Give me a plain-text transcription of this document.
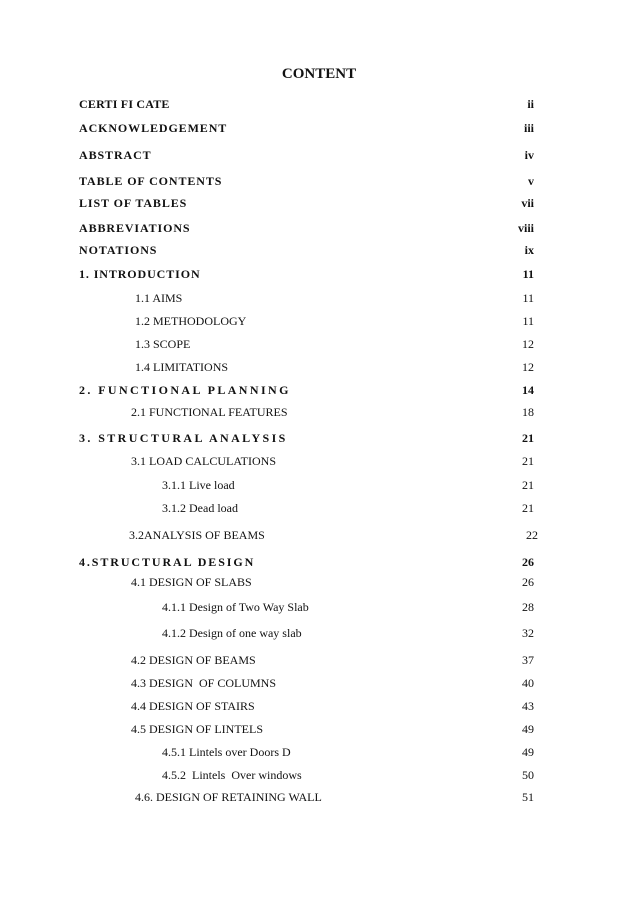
CONTENT
CERTI FI CATE	ii
ACKNOWLEDGEMENT	iii
ABSTRACT	iv
TABLE OF CONTENTS	v
LIST OF TABLES	vii
ABBREVIATIONS	viii
NOTATIONS	ix
1. INTRODUCTION	11
1.1 AIMS	11
1.2 METHODOLOGY	11
1.3 SCOPE	12
1.4 LIMITATIONS	12
2. FUNCTIONAL PLANNING	14
2.1 FUNCTIONAL FEATURES	18
3. STRUCTURAL ANALYSIS	21
3.1 LOAD CALCULATIONS	21
3.1.1 Live load	21
3.1.2 Dead load	21
3.2ANALYSIS OF BEAMS	22
4.STRUCTURAL DESIGN	26
4.1 DESIGN OF SLABS	26
4.1.1 Design of Two Way Slab	28
4.1.2 Design of one way slab	32
4.2 DESIGN OF BEAMS	37
4.3 DESIGN  OF COLUMNS	40
4.4 DESIGN OF STAIRS	43
4.5 DESIGN OF LINTELS	49
4.5.1 Lintels over Doors D	49
4.5.2  Lintels  Over windows	50
4.6. DESIGN OF RETAINING WALL	51
